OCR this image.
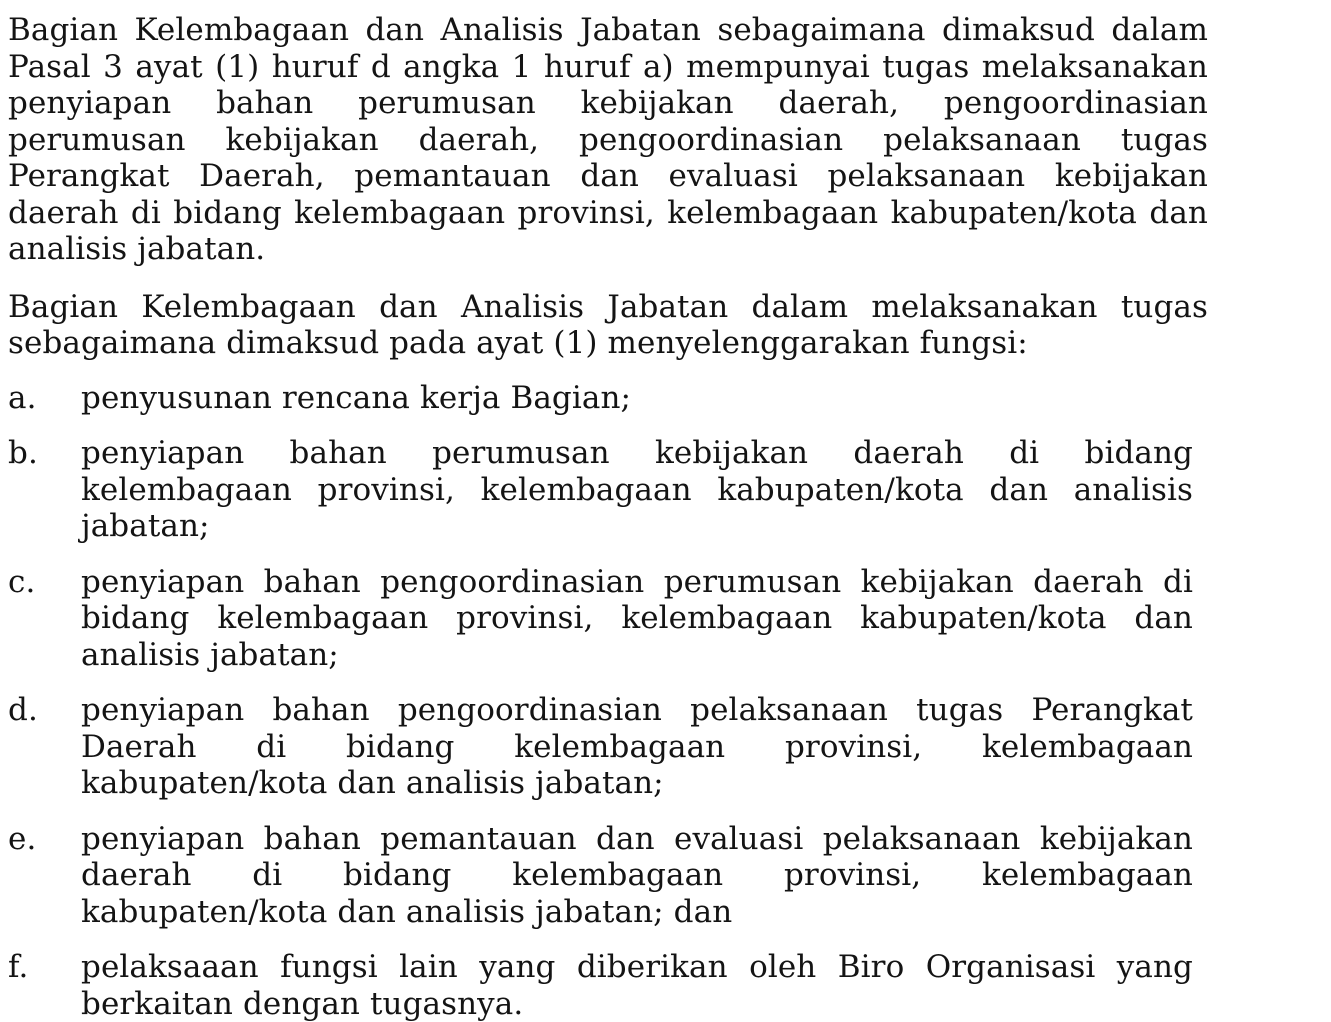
Bagian Kelembagaan dan Analisis Jabatan sebagaimana dimaksud dalam Pasal 3 ayat (1) huruf d angka 1 huruf a) mempunyai tugas melaksanakan penyiapan bahan perumusan kebijakan daerah, pengoordinasian perumusan kebijakan daerah, pengoordinasian pelaksanaan tugas Perangkat Daerah, pemantauan dan evaluasi pelaksanaan kebijakan daerah di bidang kelembagaan provinsi, kelembagaan kabupaten/kota dan analisis jabatan.

Bagian Kelembagaan dan Analisis Jabatan dalam melaksanakan tugas sebagaimana dimaksud pada ayat (1) menyelenggarakan fungsi:

a.	penyusunan rencana kerja Bagian;
b.	penyiapan bahan perumusan kebijakan daerah di bidang kelembagaan provinsi, kelembagaan kabupaten/kota dan analisis jabatan;
c.	penyiapan bahan pengoordinasian perumusan kebijakan daerah di bidang kelembagaan provinsi, kelembagaan kabupaten/kota dan analisis jabatan;
d.	penyiapan bahan pengoordinasian pelaksanaan tugas Perangkat Daerah di bidang kelembagaan provinsi, kelembagaan kabupaten/kota dan analisis jabatan;
e.	penyiapan bahan pemantauan dan evaluasi pelaksanaan kebijakan daerah di bidang kelembagaan provinsi, kelembagaan kabupaten/kota dan analisis jabatan; dan
f.	pelaksaaan fungsi lain yang diberikan oleh Biro Organisasi yang berkaitan dengan tugasnya.
